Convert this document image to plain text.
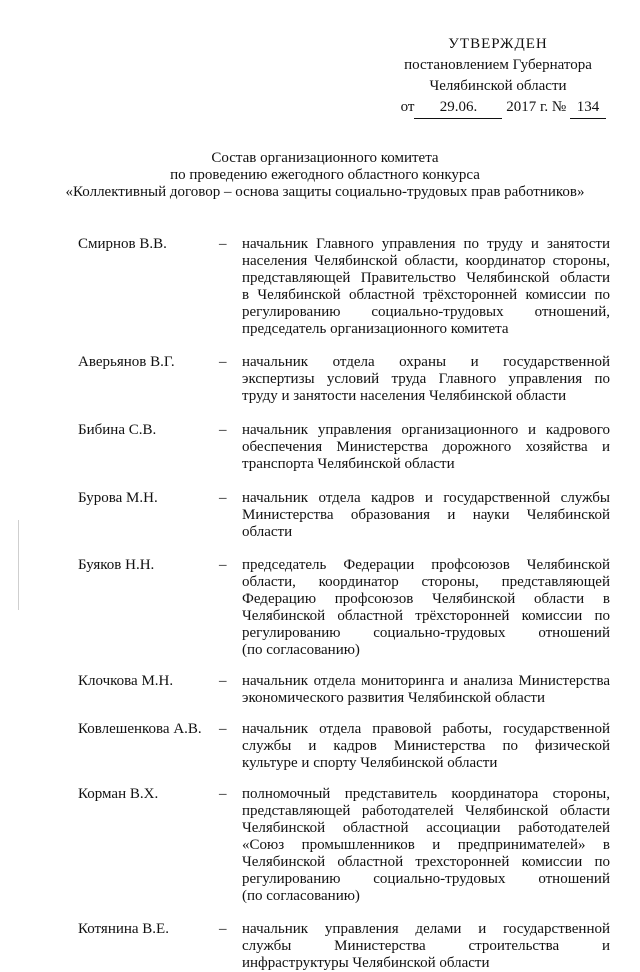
УТВЕРЖДЕН
постановлением Губернатора
Челябинской области
от 29.06. 2017 г. № 134
Состав организационного комитета
по проведению ежегодного областного конкурса
«Коллективный договор – основа защиты социально-трудовых прав работников»
Смирнов В.В.	– начальник Главного управления по труду и занятости
населения Челябинской области, координатор стороны,
представляющей Правительство Челябинской области
в Челябинской областной трёхсторонней комиссии по
регулированию социально-трудовых отношений,
председатель организационного комитета
Аверьянов В.Г.	– начальник отдела охраны и государственной
экспертизы условий труда Главного управления по
труду и занятости населения Челябинской области
Бибина С.В.	– начальник управления организационного и кадрового
обеспечения Министерства дорожного хозяйства и
транспорта Челябинской области
Бурова М.Н.	– начальник отдела кадров и государственной службы
Министерства образования и науки Челябинской
области
Буяков Н.Н.	– председатель Федерации профсоюзов Челябинской
области, координатор стороны, представляющей
Федерацию профсоюзов Челябинской области в
Челябинской областной трёхсторонней комиссии по
регулированию социально-трудовых отношений
(по согласованию)
Клочкова М.Н.	– начальник отдела мониторинга и анализа Министерства
экономического развития Челябинской области
Ковлешенкова А.В.	– начальник отдела правовой работы, государственной
службы и кадров Министерства по физической
культуре и спорту Челябинской области
Корман В.Х.	– полномочный представитель координатора стороны,
представляющей работодателей Челябинской области
Челябинской областной ассоциации работодателей
«Союз промышленников и предпринимателей» в
Челябинской областной трехсторонней комиссии по
регулированию социально-трудовых отношений
(по согласованию)
Котянина В.Е.	– начальник управления делами и государственной
службы Министерства строительства и
инфраструктуры Челябинской области
